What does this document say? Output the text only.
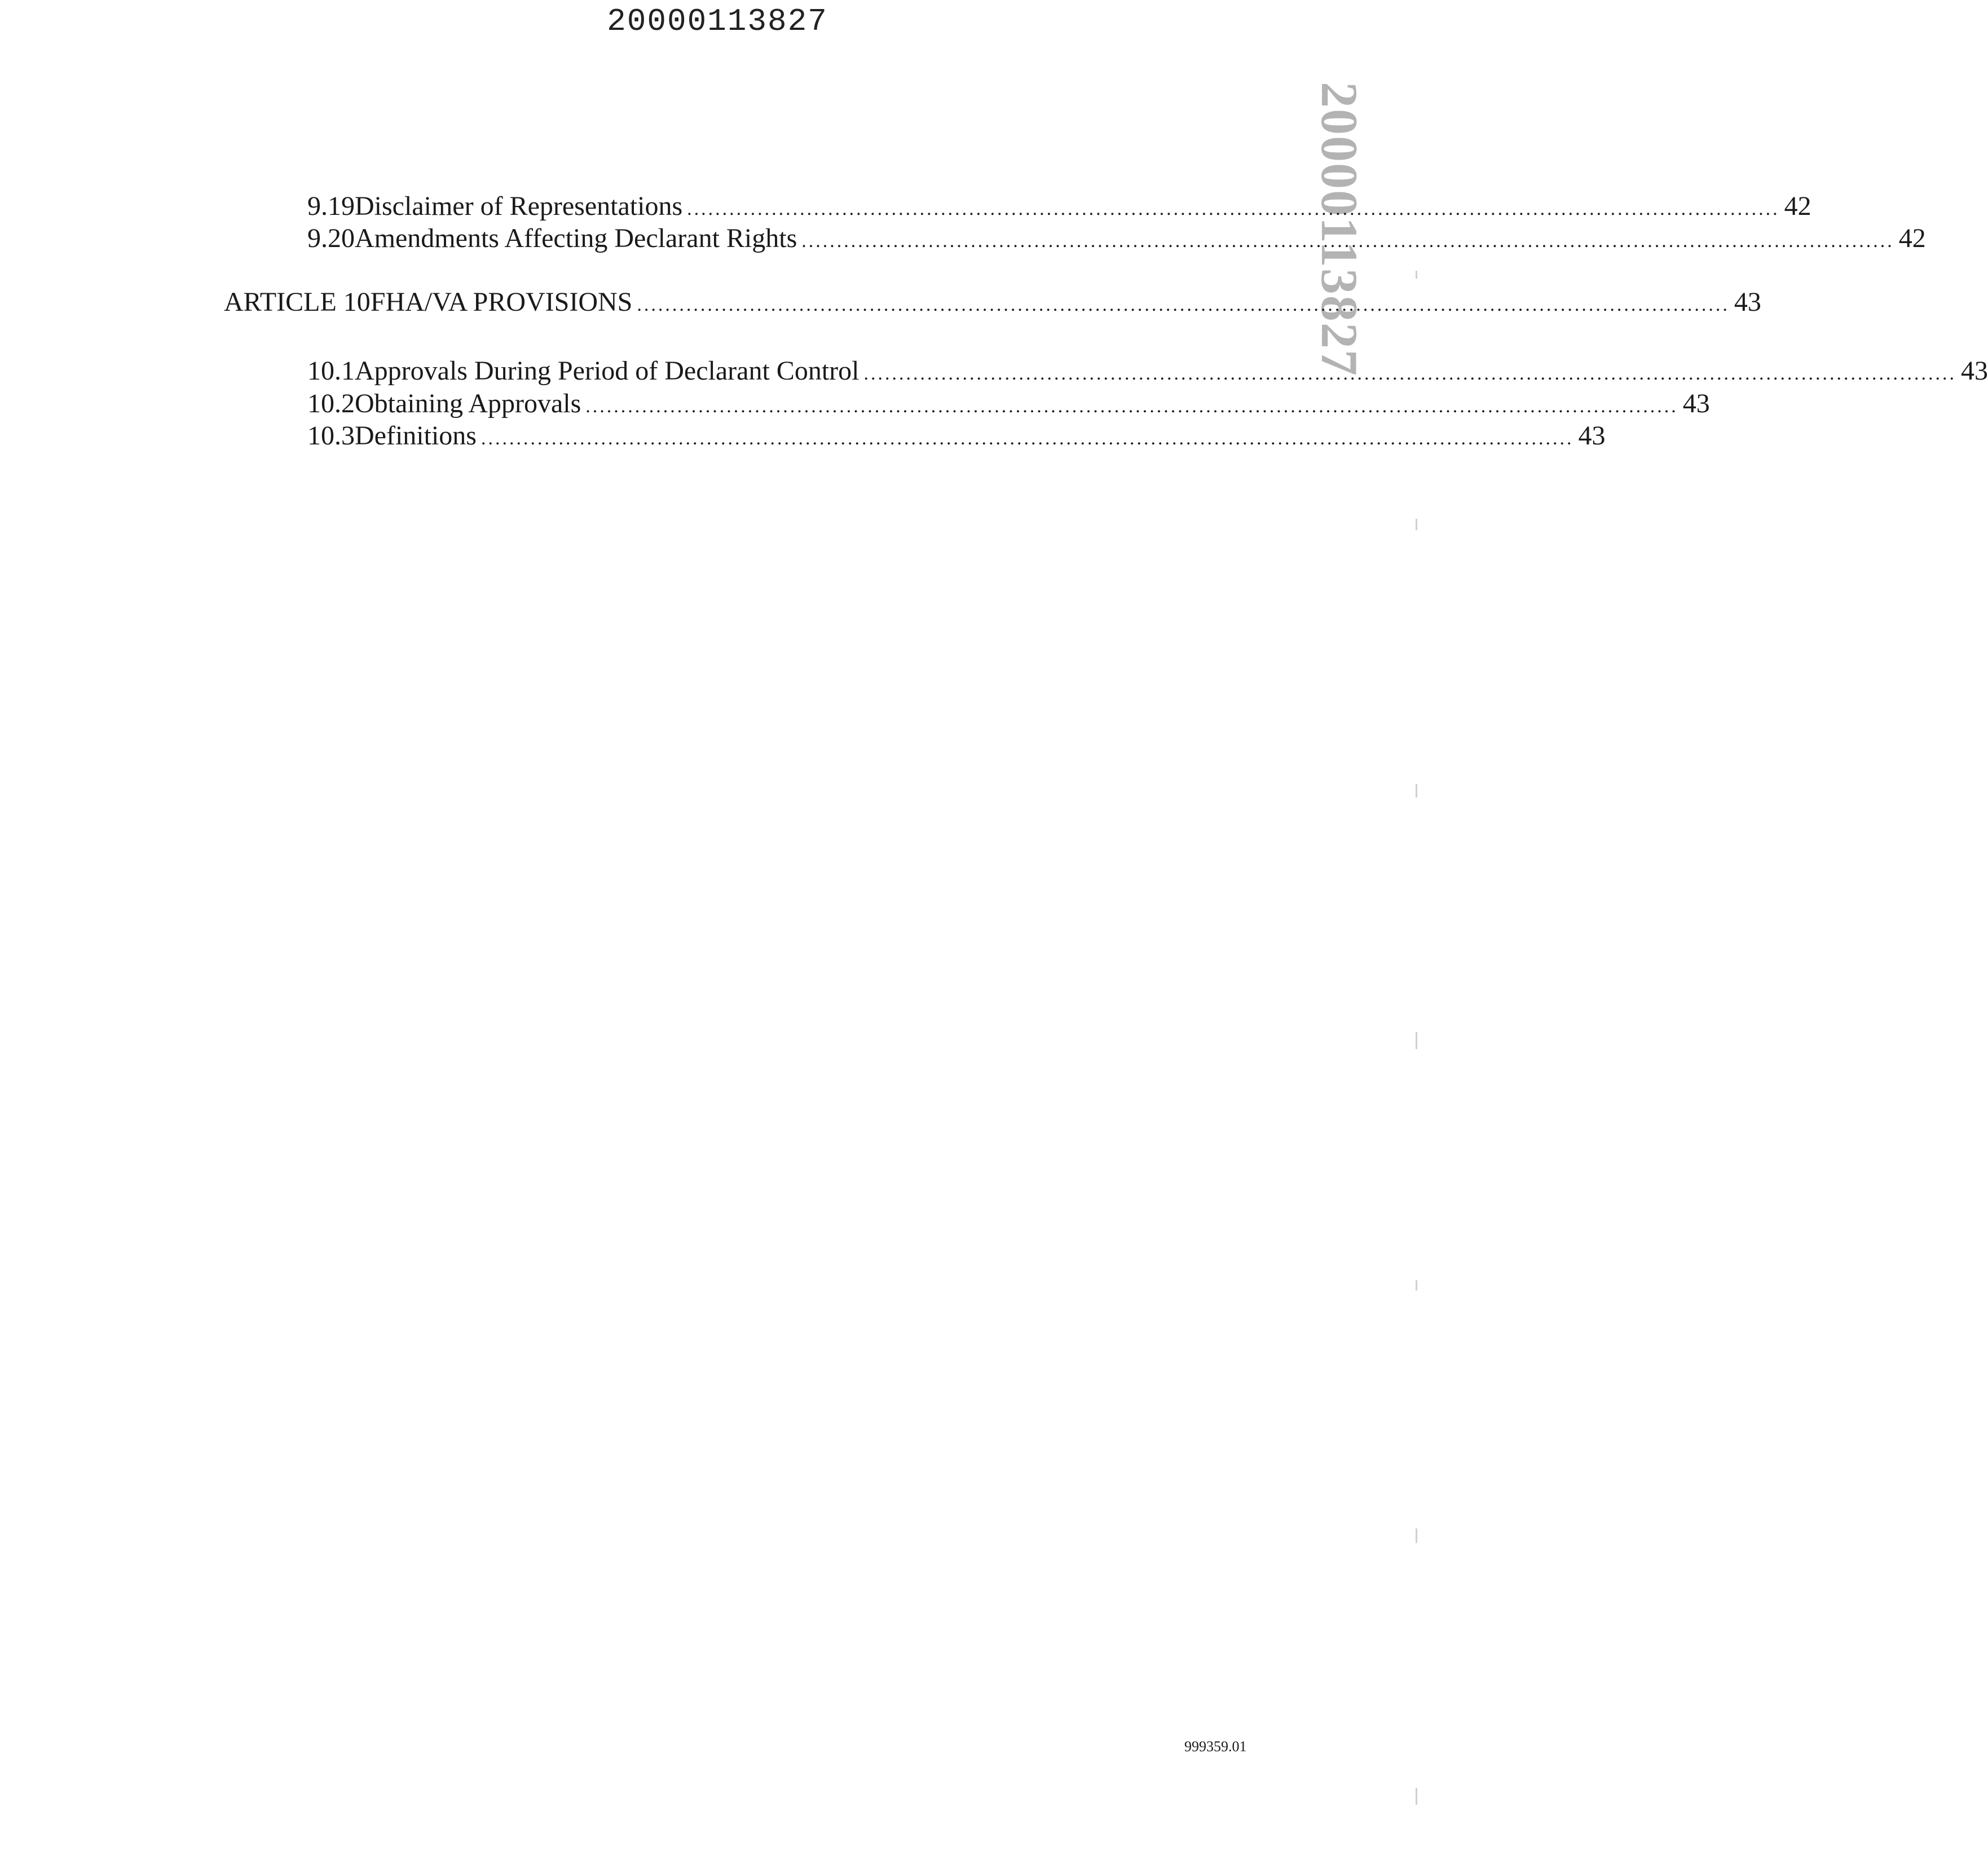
20000113827
20000113827
9.19 Disclaimer of Representations ........................................................................................................................................................... 42
9.20 Amendments Affecting Declarant Rights ........................................................................................................................................................... 42
ARTICLE 10 FHA/VA PROVISIONS ........................................................................................................................................................... 43
10.1 Approvals During Period of Declarant Control ........................................................................................................................................................... 43
10.2 Obtaining Approvals ........................................................................................................................................................... 43
10.3 Definitions ........................................................................................................................................................... 43
999359.01
